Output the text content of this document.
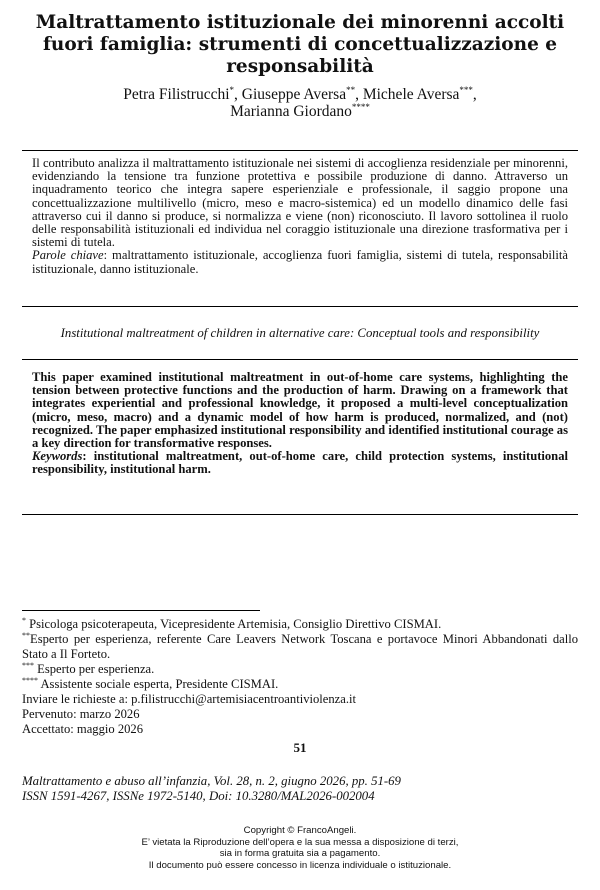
Maltrattamento istituzionale dei minorenni accolti fuori famiglia: strumenti di concettualizzazione e responsabilità

Petra Filistrucchi*, Giuseppe Aversa**, Michele Aversa***,
Marianna Giordano****

Il contributo analizza il maltrattamento istituzionale nei sistemi di accoglienza residenziale per minorenni, evidenziando la tensione tra funzione protettiva e possibile produzione di danno. Attraverso un inquadramento teorico che integra sapere esperienziale e professionale, il saggio propone una concettualizzazione multilivello (micro, meso e macro-sistemica) ed un modello dinamico delle fasi attraverso cui il danno si produce, si normalizza e viene (non) riconosciuto. Il lavoro sottolinea il ruolo delle responsabilità istituzionali ed individua nel coraggio istituzionale una direzione trasformativa per i sistemi di tutela.
Parole chiave: maltrattamento istituzionale, accoglienza fuori famiglia, sistemi di tutela, responsabilità istituzionale, danno istituzionale.

Institutional maltreatment of children in alternative care: Conceptual tools and responsibility

This paper examined institutional maltreatment in out-of-home care systems, highlighting the tension between protective functions and the production of harm. Drawing on a framework that integrates experiential and professional knowledge, it proposed a multi-level conceptualization (micro, meso, macro) and a dynamic model of how harm is produced, normalized, and (not) recognized. The paper emphasized institutional responsibility and identified institutional courage as a key direction for transformative responses.
Keywords: institutional maltreatment, out-of-home care, child protection systems, institutional responsibility, institutional harm.

* Psicologa psicoterapeuta, Vicepresidente Artemisia, Consiglio Direttivo CISMAI.

**Esperto per esperienza, referente Care Leavers Network Toscana e portavoce Minori Abbandonati dallo Stato a Il Forteto.

*** Esperto per esperienza.

**** Assistente sociale esperta, Presidente CISMAI.

Inviare le richieste a: p.filistrucchi@artemisiacentroantiviolenza.it

Pervenuto: marzo 2026

Accettato: maggio 2026

51

Maltrattamento e abuso all’infanzia, Vol. 28, n. 2, giugno 2026, pp. 51-69

ISSN 1591-4267, ISSNe 1972-5140, Doi: 10.3280/MAL2026-002004

Copyright © FrancoAngeli.

E’ vietata la Riproduzione dell’opera e la sua messa a disposizione di terzi,

sia in forma gratuita sia a pagamento.

Il documento può essere concesso in licenza individuale o istituzionale.
